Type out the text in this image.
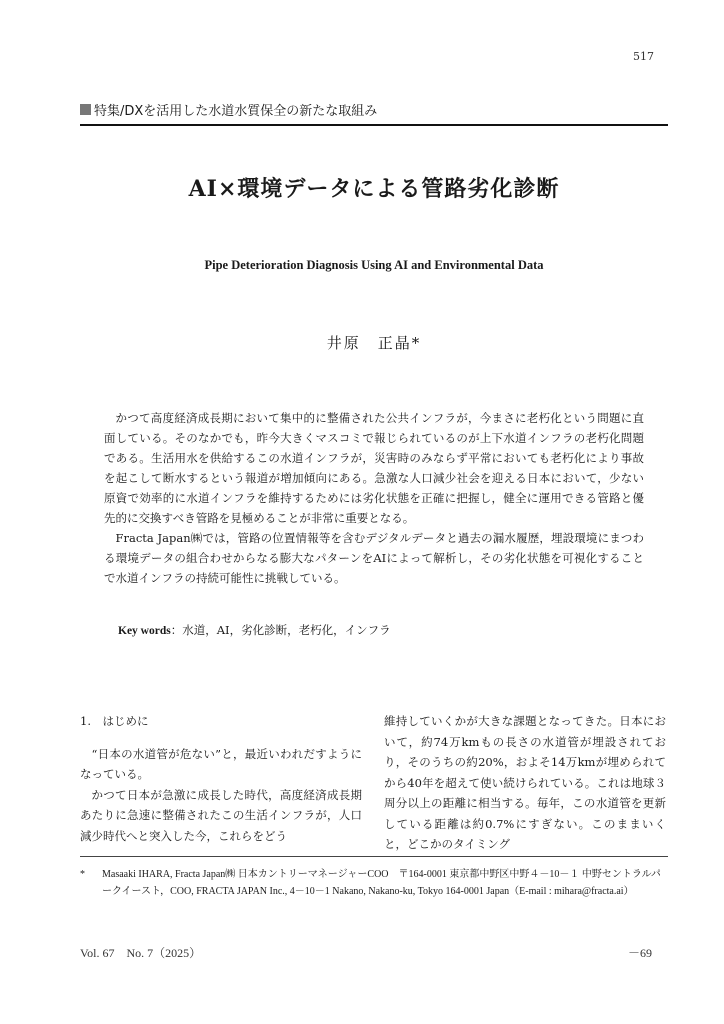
517
特集/DXを活用した水道水質保全の新たな取組み
AI×環境データによる管路劣化診断
Pipe Deterioration Diagnosis Using AI and Environmental Data
井原　正晶*

かつて高度経済成長期において集中的に整備された公共インフラが，今まさに老朽化という問題に直面している。そのなかでも，昨今大きくマスコミで報じられているのが上下水道インフラの老朽化問題である。生活用水を供給するこの水道インフラが，災害時のみならず平常においても老朽化により事故を起こして断水するという報道が増加傾向にある。急激な人口減少社会を迎える日本において，少ない原資で効率的に水道インフラを維持するためには劣化状態を正確に把握し，健全に運用できる管路と優先的に交換すべき管路を見極めることが非常に重要となる。

Fracta Japan㈱では，管路の位置情報等を含むデジタルデータと過去の漏水履歴，埋設環境にまつわる環境データの組合わせからなる膨大なパターンをAIによって解析し，その劣化状態を可視化することで水道インフラの持続可能性に挑戦している。

Key words：水道，AI，劣化診断，老朽化，インフラ

1.　はじめに

“日本の水道管が危ない”と，最近いわれだすようになっている。

かつて日本が急激に成長した時代，高度経済成長期あたりに急速に整備されたこの生活インフラが，人口減少時代へと突入した今，これらをどう

維持していくかが大きな課題となってきた。日本において，約74万kmもの長さの水道管が埋設されており，そのうちの約20%，およそ14万kmが埋められてから40年を超えて使い続けられている。これは地球３周分以上の距離に相当する。毎年，この水道管を更新している距離は約0.7%にすぎない。このままいくと，どこかのタイミング

* Masaaki IHARA, Fracta Japan㈱ 日本カントリーマネージャーCOO　〒164-0001 東京都中野区中野４－10－１ 中野セントラルパークイースト，COO, FRACTA JAPAN Inc., 4－10－1 Nakano, Nakano-ku, Tokyo 164-0001 Japan（E-mail : mihara@fracta.ai）
Vol. 67　No. 7（2025）	－69
